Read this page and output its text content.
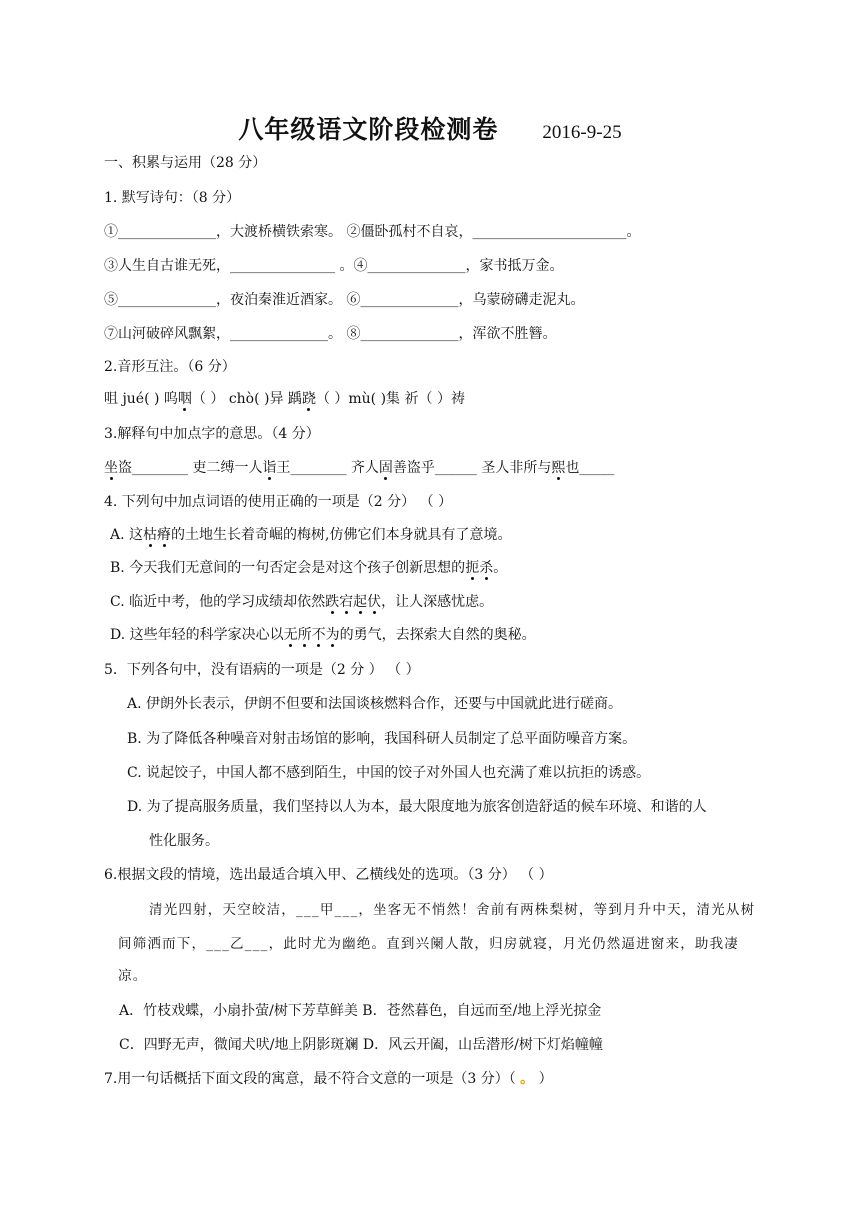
八年级语文阶段检测卷 2016-9-25
一、积累与运用（28 分）
1. 默写诗句：（8 分）
①______________，大渡桥横铁索寒。 ②僵卧孤村不自哀，______________________。
③人生自古谁无死，_______________ 。④______________，家书抵万金。
⑤______________，夜泊秦淮近酒家。 ⑥______________，乌蒙磅礴走泥丸。
⑦山河破碎风飘絮，______________。 ⑧______________，浑欲不胜簪。
2.音形互注。（6 分）
咀 jué( ) 呜咽（ ） chò( )异 踽跷（ ）mù( )集 祈（ ）祷
3.解释句中加点字的意思。（4 分）
坐盗________ 吏二缚一人诣王________ 齐人固善盗乎______ 圣人非所与熙也_____
4. 下列句中加点词语的使用正确的一项是（2 分） （ ）
A. 这枯瘠的土地生长着奇崛的梅树,仿佛它们本身就具有了意境。
B. 今天我们无意间的一句否定会是对这个孩子创新思想的扼杀。
C. 临近中考，他的学习成绩却依然跌宕起伏，让人深感忧虑。
D. 这些年轻的科学家决心以无所不为的勇气，去探索大自然的奥秘。
5．下列各句中，没有语病的一项是（2 分 ） （ ）
A. 伊朗外长表示，伊朗不但要和法国谈核燃料合作，还要与中国就此进行磋商。
B. 为了降低各种噪音对射击场馆的影响，我国科研人员制定了总平面防噪音方案。
C. 说起饺子，中国人都不感到陌生，中国的饺子对外国人也充满了难以抗拒的诱惑。
D. 为了提高服务质量，我们坚持以人为本，最大限度地为旅客创造舒适的候车环境、和谐的人
性化服务。
6.根据文段的情境，选出最适合填入甲、乙横线处的选项。（3 分） （ ）
清光四射，天空皎洁，___甲___，坐客无不悄然！舍前有两株梨树，等到月升中天，清光从树
间筛洒而下，___乙___，此时尤为幽绝。直到兴阑人散，归房就寝，月光仍然逼进窗来，助我凄
凉。
A．竹枝戏蝶，小扇扑萤/树下芳草鲜美 B．苍然暮色，自远而至/地上浮光掠金
C．四野无声，微闻犬吠/地上阴影斑斓 D．风云开阖，山岳潜形/树下灯焰幢幢
7.用一句话概括下面文段的寓意，最不符合文意的一项是（3 分）（ 。 ）
